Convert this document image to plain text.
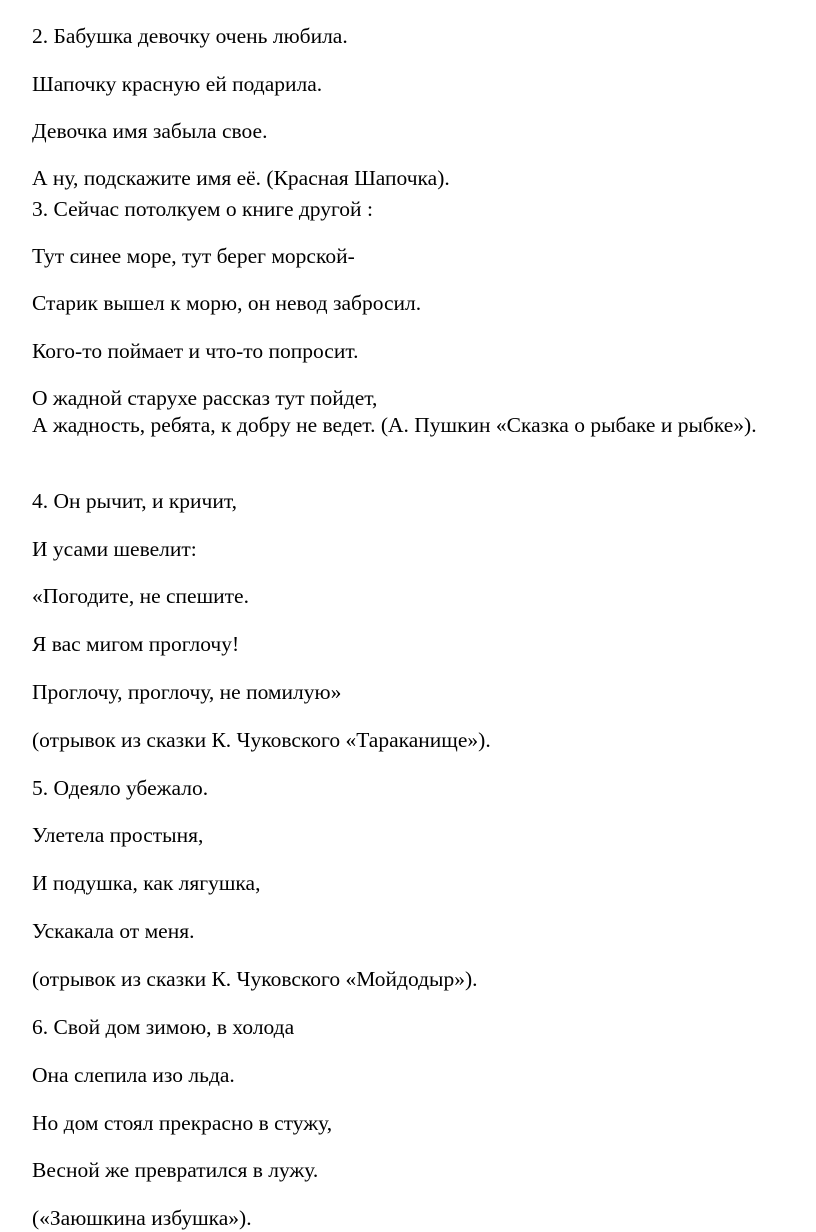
2. Бабушка девочку очень любила.

Шапочку красную ей подарила.

Девочка имя забыла свое.

А ну, подскажите имя её. (Красная Шапочка).

3. Сейчас потолкуем о книге другой :

Тут синее море, тут берег морской-

Старик вышел к морю, он невод забросил.

Кого-то поймает и что-то попросит.

О жадной старухе рассказ тут пойдет,

А жадность, ребята, к добру не ведет. (А. Пушкин «Сказка о рыбаке и рыбке»).

4. Он рычит, и кричит,

И усами шевелит:

«Погодите, не спешите.

Я вас мигом проглочу!

Проглочу, проглочу, не помилую»

(отрывок из сказки К. Чуковского «Тараканище»).

5. Одеяло убежало.

Улетела простыня,

И подушка, как лягушка,

Ускакала от меня.

(отрывок из сказки К. Чуковского «Мойдодыр»).

6. Свой дом зимою, в холода

Она слепила изо льда.

Но дом стоял прекрасно в стужу,

Весной же превратился в лужу.

(«Заюшкина избушка»).
